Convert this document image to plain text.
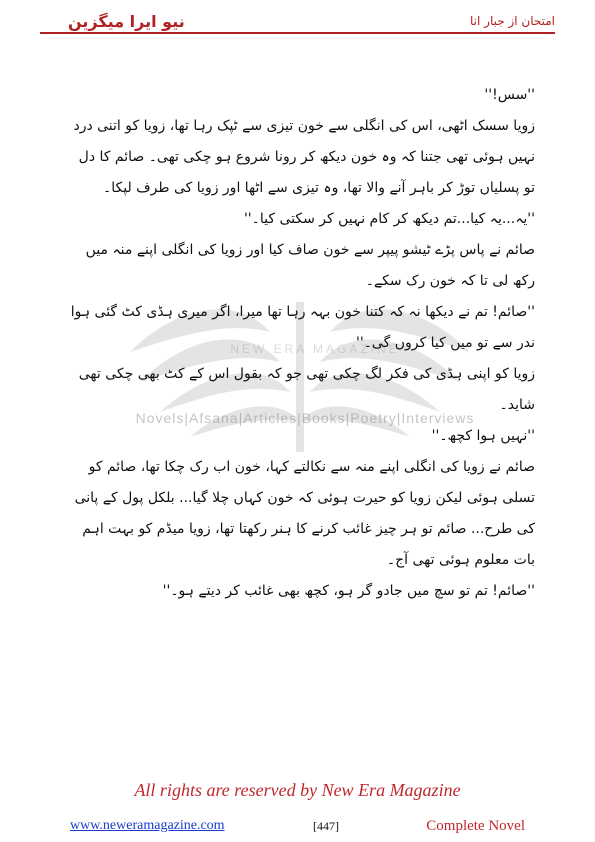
نیو ایرا میگزین	امتحان از جبار انا
NEW ERA MAGAZINE
Novels|Afsana|Articles|Books|Poetry|Interviews

''سس!''

زویا سسک اٹھی، اس کی انگلی سے خون تیزی سے ٹپک رہا تھا، زویا کو اتنی درد نہیں ہوئی تھی جتنا کہ وہ خون دیکھ کر رونا شروع ہو چکی تھی۔ صائم کا دل تو پسلیاں توڑ کر باہر آنے والا تھا، وہ تیزی سے اٹھا اور زویا کی طرف لپکا۔

''یہ...یہ کیا...تم دیکھ کر کام نہیں کر سکتی کیا۔''

صائم نے پاس پڑے ٹیشو پیپر سے خون صاف کیا اور زویا کی انگلی اپنے منہ میں رکھ لی تا کہ خون رک سکے۔

''صائم! تم نے دیکھا نہ کہ کتنا خون بہہ رہا تھا میرا، اگر میری ہڈی کٹ گئی ہوا ندر سے تو میں کیا کروں گی۔''

زویا کو اپنی ہڈی کی فکر لگ چکی تھی جو کہ بقول اس کے کٹ بھی چکی تھی شاید۔

''نہیں ہوا کچھ۔''

صائم نے زویا کی انگلی اپنے منہ سے نکالتے کہا، خون اب رک چکا تھا، صائم کو تسلی ہوئی لیکن زویا کو حیرت ہوئی کہ خون کہاں چلا گیا... بلکل پول کے پانی کی طرح... صائم تو ہر چیز غائب کرنے کا ہنر رکھتا تھا، زویا میڈم کو بہت اہم بات معلوم ہوئی تھی آج۔

''صائم! تم تو سچ میں جادو گر ہو، کچھ بھی غائب کر دیتے ہو۔''

All rights are reserved by New Era Magazine
www.neweramagazine.com	[447]	Complete Novel
